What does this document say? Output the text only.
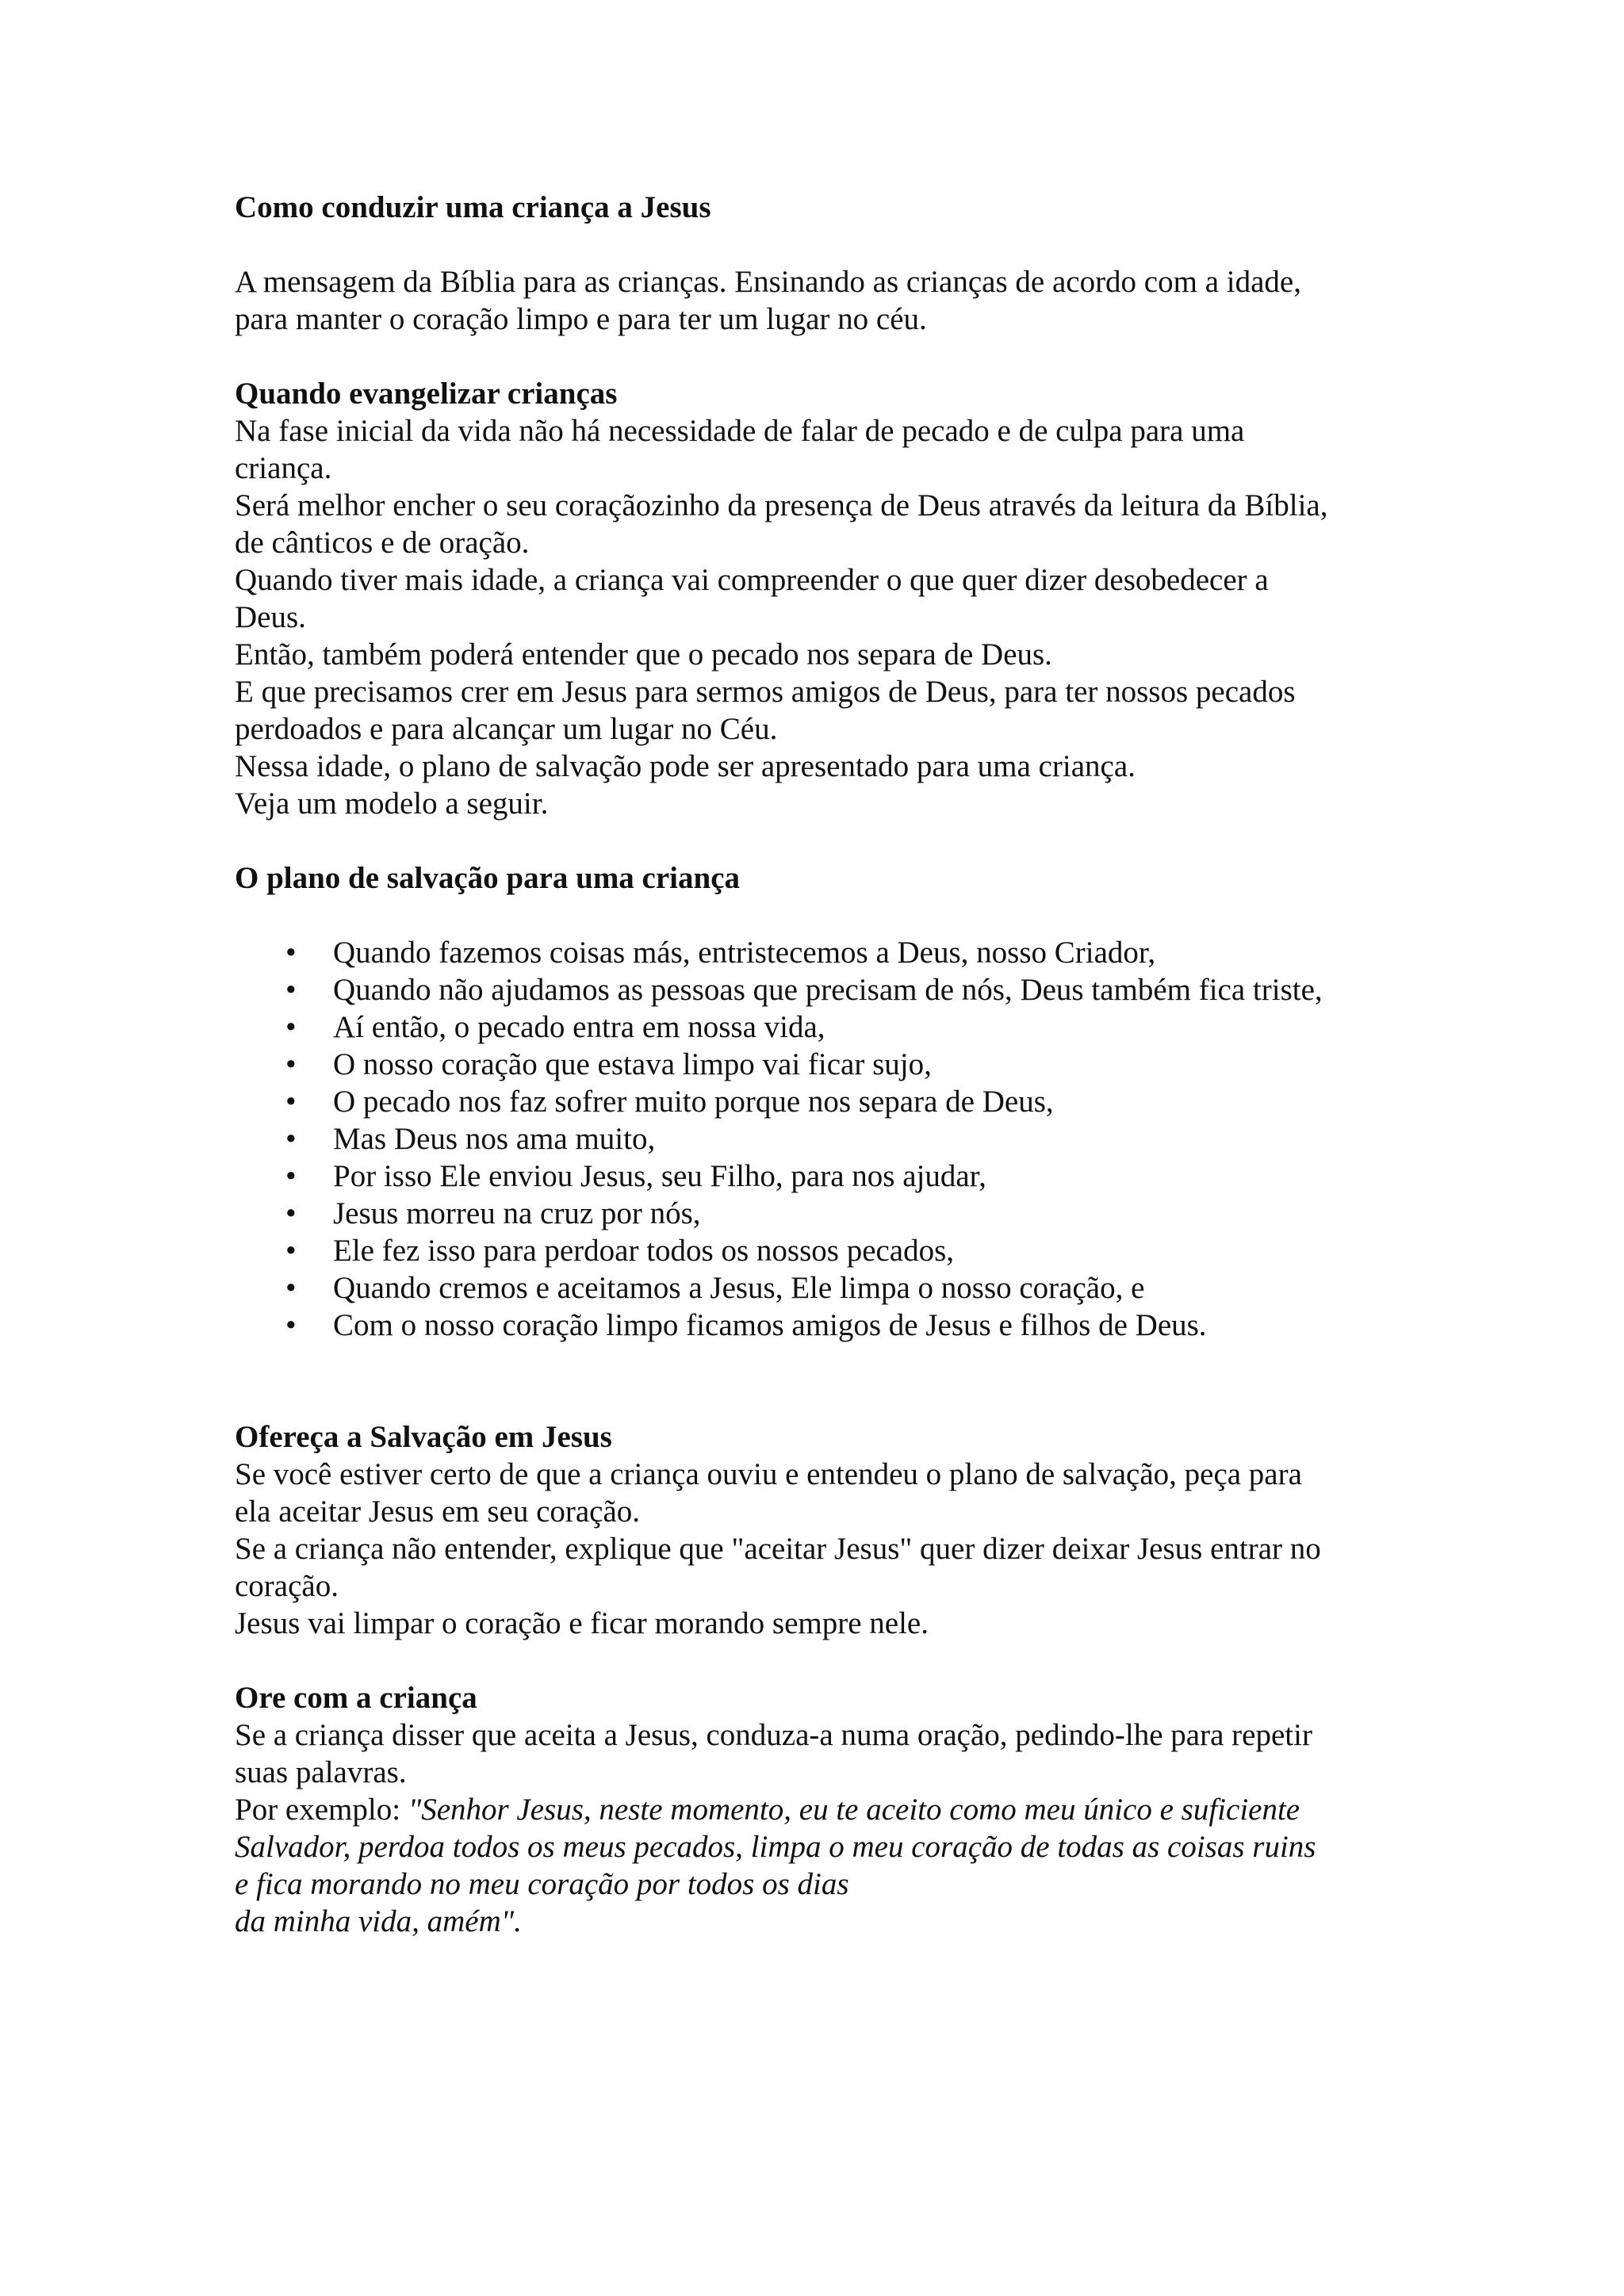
Como conduzir uma criança a Jesus

A mensagem da Bíblia para as crianças. Ensinando as crianças de acordo com a idade,

para manter o coração limpo e para ter um lugar no céu.

Quando evangelizar crianças

Na fase inicial da vida não há necessidade de falar de pecado e de culpa para uma

criança.

Será melhor encher o seu coraçãozinho da presença de Deus através da leitura da Bíblia,

de cânticos e de oração.

Quando tiver mais idade, a criança vai compreender o que quer dizer desobedecer a

Deus.

Então, também poderá entender que o pecado nos separa de Deus.

E que precisamos crer em Jesus para sermos amigos de Deus, para ter nossos pecados

perdoados e para alcançar um lugar no Céu.

Nessa idade, o plano de salvação pode ser apresentado para uma criança.

Veja um modelo a seguir.

O plano de salvação para uma criança

• Quando fazemos coisas más, entristecemos a Deus, nosso Criador,
• Quando não ajudamos as pessoas que precisam de nós, Deus também fica triste,
• Aí então, o pecado entra em nossa vida,
• O nosso coração que estava limpo vai ficar sujo,
• O pecado nos faz sofrer muito porque nos separa de Deus,
• Mas Deus nos ama muito,
• Por isso Ele enviou Jesus, seu Filho, para nos ajudar,
• Jesus morreu na cruz por nós,
• Ele fez isso para perdoar todos os nossos pecados,
• Quando cremos e aceitamos a Jesus, Ele limpa o nosso coração, e
• Com o nosso coração limpo ficamos amigos de Jesus e filhos de Deus.

Ofereça a Salvação em Jesus

Se você estiver certo de que a criança ouviu e entendeu o plano de salvação, peça para

ela aceitar Jesus em seu coração.

Se a criança não entender, explique que "aceitar Jesus" quer dizer deixar Jesus entrar no

coração.

Jesus vai limpar o coração e ficar morando sempre nele.

Ore com a criança

Se a criança disser que aceita a Jesus, conduza-a numa oração, pedindo-lhe para repetir

suas palavras.

Por exemplo: "Senhor Jesus, neste momento, eu te aceito como meu único e suficiente

Salvador, perdoa todos os meus pecados, limpa o meu coração de todas as coisas ruins

e fica morando no meu coração por todos os dias

da minha vida, amém".
